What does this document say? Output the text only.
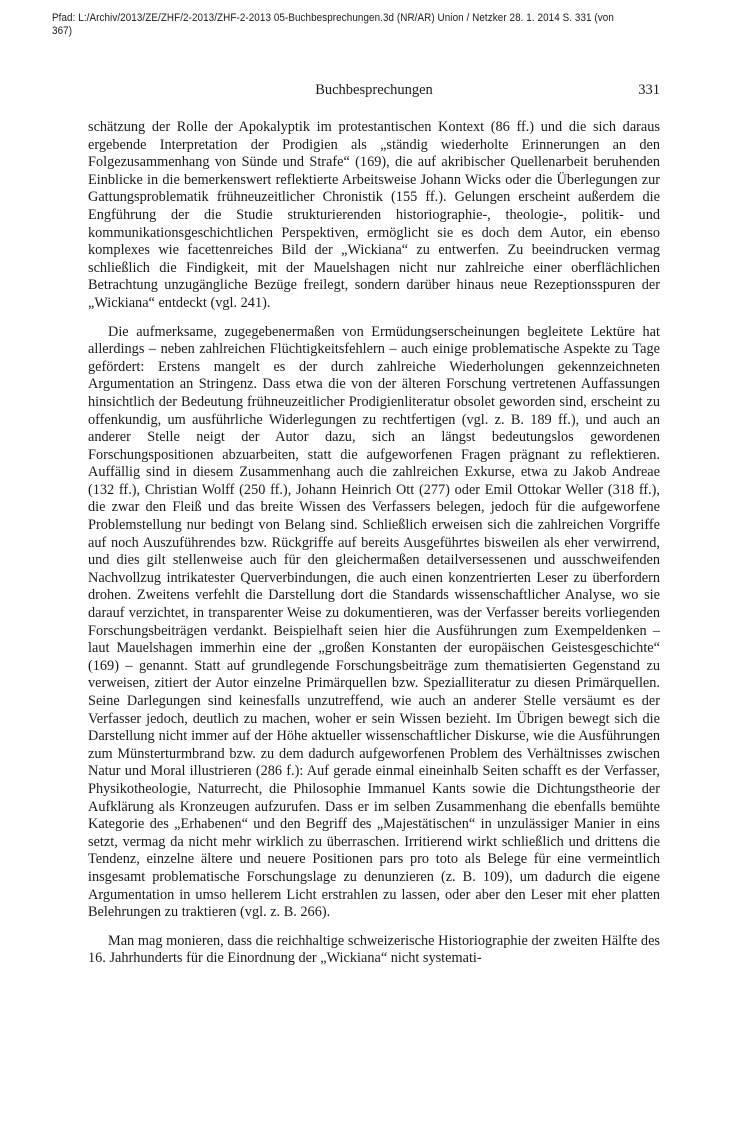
Pfad: L:/Archiv/2013/ZE/ZHF/2-2013/ZHF-2-2013 05-Buchbesprechungen.3d (NR/AR) Union / Netzker 28. 1. 2014 S. 331 (von 367)
Buchbesprechungen	331

schätzung der Rolle der Apokalyptik im protestantischen Kontext (86 ff.) und die sich daraus ergebende Interpretation der Prodigien als „ständig wiederholte Erinnerungen an den Folgezusammenhang von Sünde und Strafe“ (169), die auf akribischer Quellenarbeit beruhenden Einblicke in die bemerkenswert reflektierte Arbeitsweise Johann Wicks oder die Überlegungen zur Gattungsproblematik frühneuzeitlicher Chronistik (155 ff.). Gelungen erscheint außerdem die Engführung der die Studie strukturierenden historiographie-, theologie-, politik- und kommunikationsgeschichtlichen Perspektiven, ermöglicht sie es doch dem Autor, ein ebenso komplexes wie facettenreiches Bild der „Wickiana“ zu entwerfen. Zu beeindrucken vermag schließlich die Findigkeit, mit der Mauelshagen nicht nur zahlreiche einer oberflächlichen Betrachtung unzugängliche Bezüge freilegt, sondern darüber hinaus neue Rezeptionsspuren der „Wickiana“ entdeckt (vgl. 241).

Die aufmerksame, zugegebenermaßen von Ermüdungserscheinungen begleitete Lektüre hat allerdings – neben zahlreichen Flüchtigkeitsfehlern – auch einige problematische Aspekte zu Tage gefördert: Erstens mangelt es der durch zahlreiche Wiederholungen gekennzeichneten Argumentation an Stringenz. Dass etwa die von der älteren Forschung vertretenen Auffassungen hinsichtlich der Bedeutung frühneuzeitlicher Prodigienliteratur obsolet geworden sind, erscheint zu offenkundig, um ausführliche Widerlegungen zu rechtfertigen (vgl. z. B. 189 ff.), und auch an anderer Stelle neigt der Autor dazu, sich an längst bedeutungslos gewordenen Forschungspositionen abzuarbeiten, statt die aufgeworfenen Fragen prägnant zu reflektieren. Auffällig sind in diesem Zusammenhang auch die zahlreichen Exkurse, etwa zu Jakob Andreae (132 ff.), Christian Wolff (250 ff.), Johann Heinrich Ott (277) oder Emil Ottokar Weller (318 ff.), die zwar den Fleiß und das breite Wissen des Verfassers belegen, jedoch für die aufgeworfene Problemstellung nur bedingt von Belang sind. Schließlich erweisen sich die zahlreichen Vorgriffe auf noch Auszuführendes bzw. Rückgriffe auf bereits Ausgeführtes bisweilen als eher verwirrend, und dies gilt stellenweise auch für den gleichermaßen detailversessenen und ausschweifenden Nachvollzug intrikatester Querverbindungen, die auch einen konzentrierten Leser zu überfordern drohen. Zweitens verfehlt die Darstellung dort die Standards wissenschaftlicher Analyse, wo sie darauf verzichtet, in transparenter Weise zu dokumentieren, was der Verfasser bereits vorliegenden Forschungsbeiträgen verdankt. Beispielhaft seien hier die Ausführungen zum Exempeldenken – laut Mauelshagen immerhin eine der „großen Konstanten der europäischen Geistesgeschichte“ (169) – genannt. Statt auf grundlegende Forschungsbeiträge zum thematisierten Gegenstand zu verweisen, zitiert der Autor einzelne Primärquellen bzw. Spezialliteratur zu diesen Primärquellen. Seine Darlegungen sind keinesfalls unzutreffend, wie auch an anderer Stelle versäumt es der Verfasser jedoch, deutlich zu machen, woher er sein Wissen bezieht. Im Übrigen bewegt sich die Darstellung nicht immer auf der Höhe aktueller wissenschaftlicher Diskurse, wie die Ausführungen zum Münsterturmbrand bzw. zu dem dadurch aufgeworfenen Problem des Verhältnisses zwischen Natur und Moral illustrieren (286 f.): Auf gerade einmal eineinhalb Seiten schafft es der Verfasser, Physikotheologie, Naturrecht, die Philosophie Immanuel Kants sowie die Dichtungstheorie der Aufklärung als Kronzeugen aufzurufen. Dass er im selben Zusammenhang die ebenfalls bemühte Kategorie des „Erhabenen“ und den Begriff des „Majestätischen“ in unzulässiger Manier in eins setzt, vermag da nicht mehr wirklich zu überraschen. Irritierend wirkt schließlich und drittens die Tendenz, einzelne ältere und neuere Positionen pars pro toto als Belege für eine vermeintlich insgesamt problematische Forschungslage zu denunzieren (z. B. 109), um dadurch die eigene Argumentation in umso hellerem Licht erstrahlen zu lassen, oder aber den Leser mit eher platten Belehrungen zu traktieren (vgl. z. B. 266).

Man mag monieren, dass die reichhaltige schweizerische Historiographie der zweiten Hälfte des 16. Jahrhunderts für die Einordnung der „Wickiana“ nicht systemati-
